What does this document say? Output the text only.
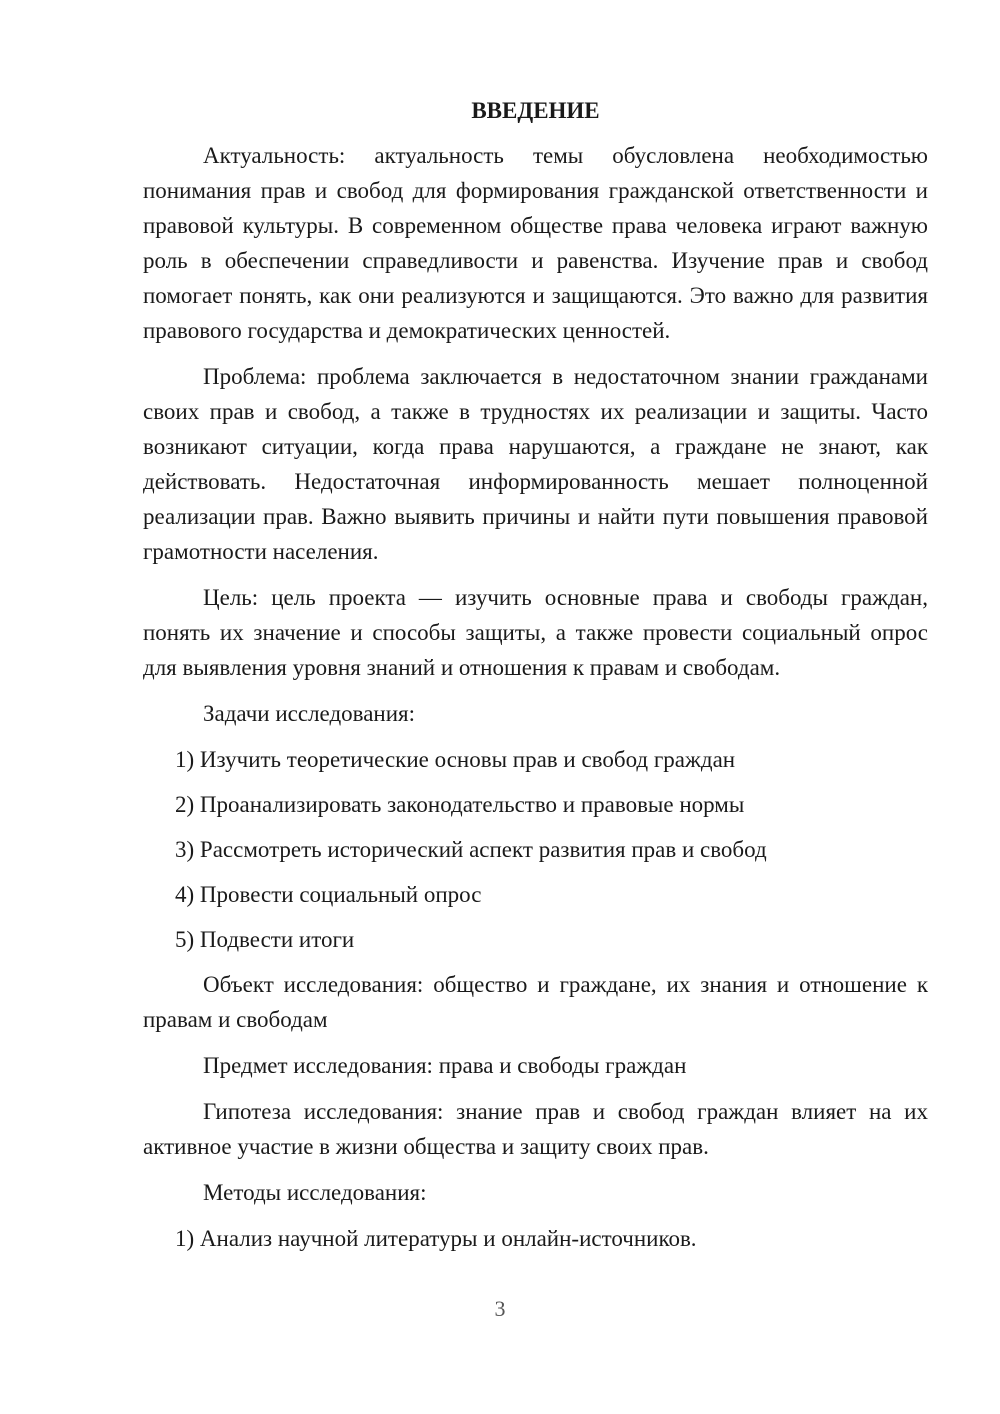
ВВЕДЕНИЕ
Актуальность: актуальность темы обусловлена необходимостью понимания прав и свобод для формирования гражданской ответственности и правовой культуры. В современном обществе права человека играют важную роль в обеспечении справедливости и равенства. Изучение прав и свобод помогает понять, как они реализуются и защищаются. Это важно для развития правового государства и демократических ценностей.
Проблема: проблема заключается в недостаточном знании гражданами своих прав и свобод, а также в трудностях их реализации и защиты. Часто возникают ситуации, когда права нарушаются, а граждане не знают, как действовать. Недостаточная информированность мешает полноценной реализации прав. Важно выявить причины и найти пути повышения правовой грамотности населения.
Цель: цель проекта — изучить основные права и свободы граждан, понять их значение и способы защиты, а также провести социальный опрос для выявления уровня знаний и отношения к правам и свободам.
Задачи исследования:
1) Изучить теоретические основы прав и свобод граждан
2) Проанализировать законодательство и правовые нормы
3) Рассмотреть исторический аспект развития прав и свобод
4) Провести социальный опрос
5) Подвести итоги
Объект исследования: общество и граждане, их знания и отношение к правам и свободам
Предмет исследования: права и свободы граждан
Гипотеза исследования: знание прав и свобод граждан влияет на их активное участие в жизни общества и защиту своих прав.
Методы исследования:
1) Анализ научной литературы и онлайн-источников.
3
